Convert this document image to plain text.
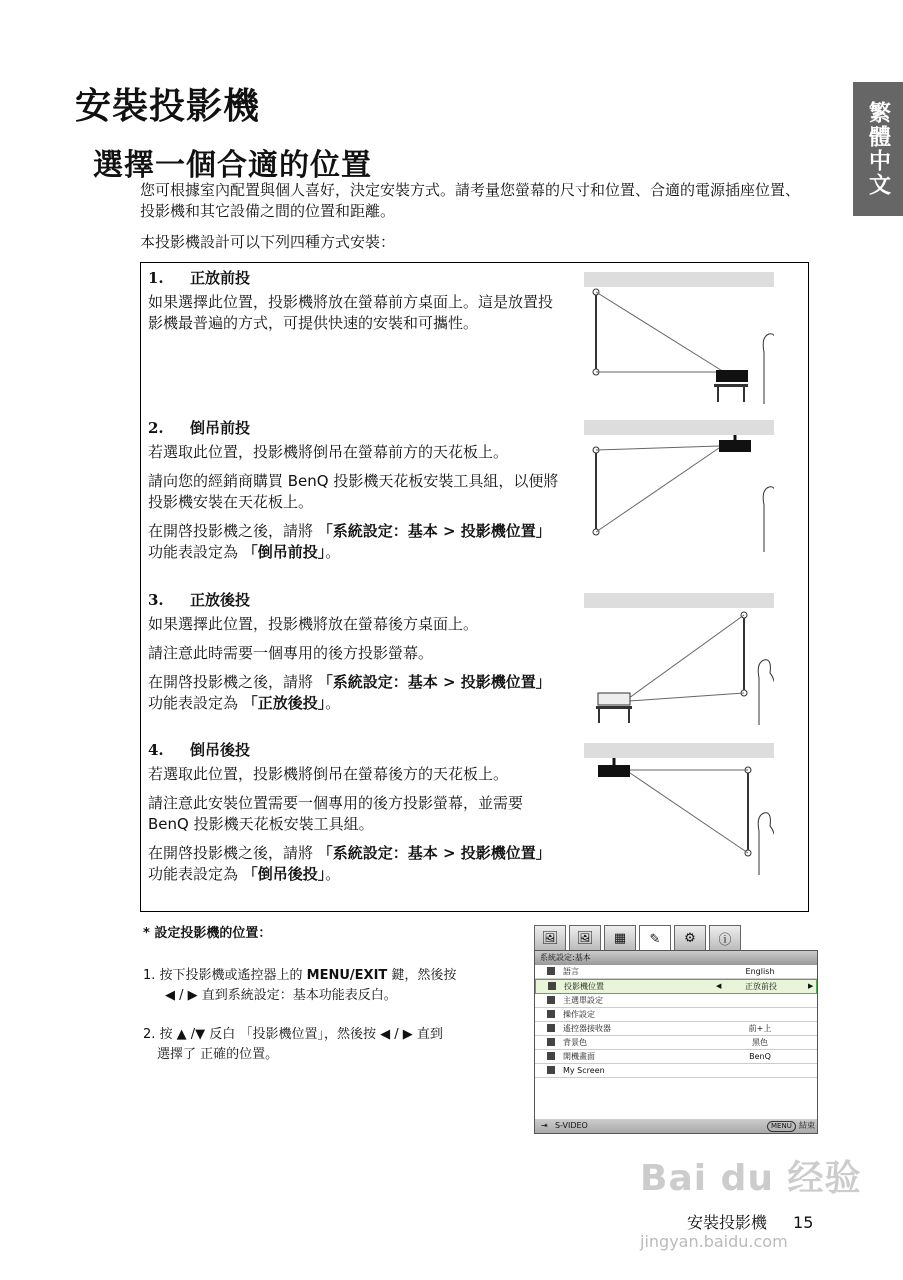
安裝投影機
選擇一個合適的位置	繁體中文

您可根據室內配置與個人喜好，決定安裝方式。請考量您螢幕的尺寸和位置、合適的電源插座位置、投影機和其它設備之間的位置和距離。

本投影機設計可以下列四種方式安裝：

1. 正放前投

如果選擇此位置，投影機將放在螢幕前方桌面上。這是放置投影機最普遍的方式，可提供快速的安裝和可攜性。

2. 倒吊前投

若選取此位置，投影機將倒吊在螢幕前方的天花板上。

請向您的經銷商購買 BenQ 投影機天花板安裝工具組，以便將投影機安裝在天花板上。

在開啓投影機之後，請將 「系統設定：基本 > 投影機位置」功能表設定為 「倒吊前投」。

3. 正放後投

如果選擇此位置，投影機將放在螢幕後方桌面上。

請注意此時需要一個專用的後方投影螢幕。

在開啓投影機之後，請將 「系統設定：基本 > 投影機位置」功能表設定為 「正放後投」。

4. 倒吊後投

若選取此位置，投影機將倒吊在螢幕後方的天花板上。

請注意此安裝位置需要一個專用的後方投影螢幕，並需要 BenQ 投影機天花板安裝工具組。

在開啓投影機之後，請將 「系統設定：基本 > 投影機位置」功能表設定為 「倒吊後投」。

* 設定投影機的位置：
1. 按下投影機或遙控器上的 MENU/EXIT 鍵，然後按
◀ / ▶ 直到系統設定：基本功能表反白。
2. 按 ▲ /▼ 反白 「投影機位置」，然後按 ◀ / ▶ 直到
選擇了 正確的位置。
🖼	🖼	▦	✎	⚙	ⓘ
系統設定:基本
語言	English
投影機位置	◀	正放前投	▶
主選單設定
操作設定
遙控器接收器	前+上
背景色	黑色
開機畫面	BenQ
My Screen
⇥ S-VIDEO	MENU 結束
Bai du 经验
jingyan.baidu.com
安裝投影機 15
